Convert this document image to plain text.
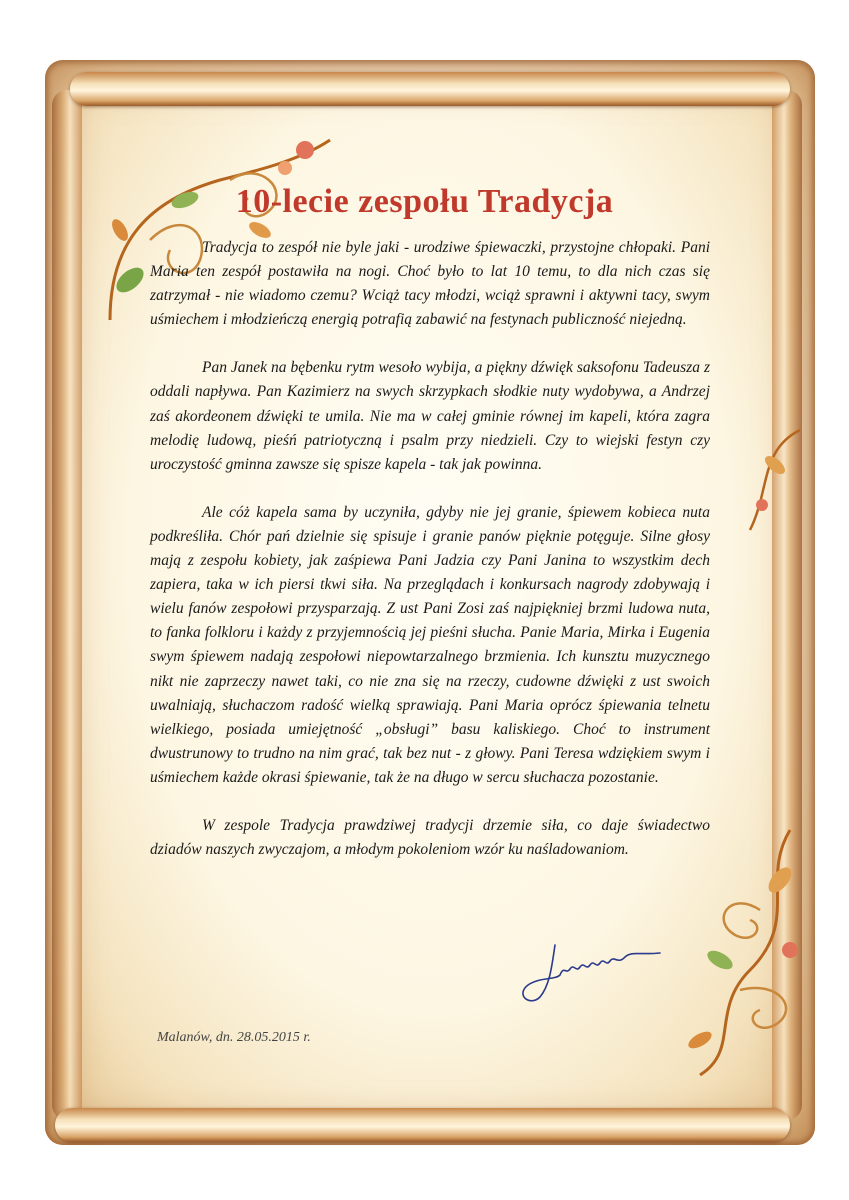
10-lecie zespołu Tradycja

Tradycja to zespół nie byle jaki - urodziwe śpiewaczki, przystojne chłopaki. Pani Maria ten zespół postawiła na nogi. Choć było to lat 10 temu, to dla nich czas się zatrzymał - nie wiadomo czemu? Wciąż tacy młodzi, wciąż sprawni i aktywni tacy, swym uśmiechem i młodzieńczą energią potrafią zabawić na festynach publiczność niejedną.

Pan Janek na bębenku rytm wesoło wybija, a piękny dźwięk saksofonu Tadeusza z oddali napływa. Pan Kazimierz na swych skrzypkach słodkie nuty wydobywa, a Andrzej zaś akordeonem dźwięki te umila. Nie ma w całej gminie równej im kapeli, która zagra melodię ludową, pieśń patriotyczną i psalm przy niedzieli. Czy to wiejski festyn czy uroczystość gminna zawsze się spisze kapela - tak jak powinna.

Ale cóż kapela sama by uczyniła, gdyby nie jej granie, śpiewem kobieca nuta podkreśliła. Chór pań dzielnie się spisuje i granie panów pięknie potęguje. Silne głosy mają z zespołu kobiety, jak zaśpiewa Pani Jadzia czy Pani Janina to wszystkim dech zapiera, taka w ich piersi tkwi siła. Na przeglądach i konkursach nagrody zdobywają i wielu fanów zespołowi przysparzają. Z ust Pani Zosi zaś najpiękniej brzmi ludowa nuta, to fanka folkloru i każdy z przyjemnością jej pieśni słucha. Panie Maria, Mirka i Eugenia swym śpiewem nadają zespołowi niepowtarzalnego brzmienia. Ich kunsztu muzycznego nikt nie zaprzeczy nawet taki, co nie zna się na rzeczy, cudowne dźwięki z ust swoich uwalniają, słuchaczom radość wielką sprawiają. Pani Maria oprócz śpiewania telnetu wielkiego, posiada umiejętność „obsługi” basu kaliskiego. Choć to instrument dwustrunowy to trudno na nim grać, tak bez nut - z głowy. Pani Teresa wdziękiem swym i uśmiechem każde okrasi śpiewanie, tak że na długo w sercu słuchacza pozostanie.

W zespole Tradycja prawdziwej tradycji drzemie siła, co daje świadectwo dziadów naszych zwyczajom, a młodym pokoleniom wzór ku naśladowaniom.

Malanów, dn. 28.05.2015 r.
